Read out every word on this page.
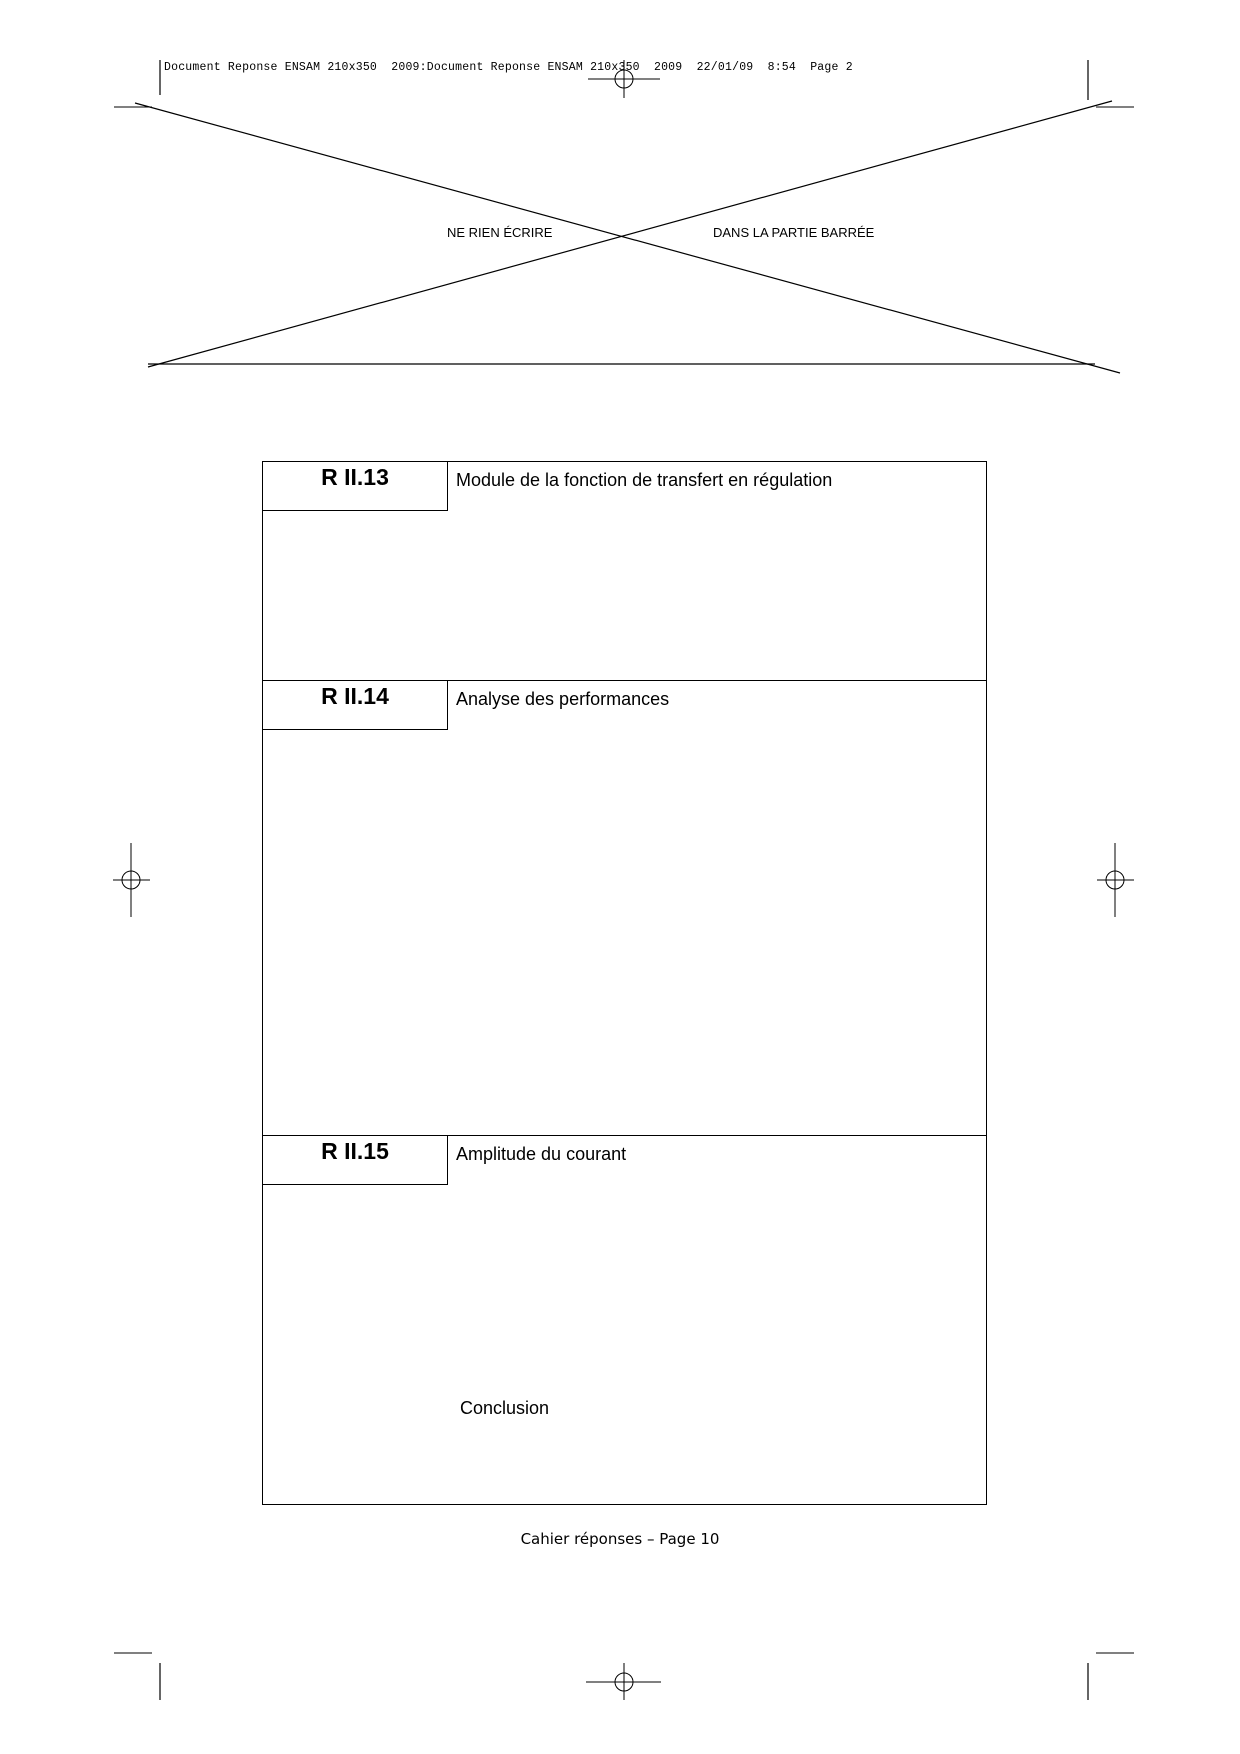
Document Reponse ENSAM 210x350  2009:Document Reponse ENSAM 210x350  2009  22/01/09  8:54  Page 2
NE RIEN ÉCRIRE	DANS LA PARTIE BARRÉE
R II.13	Module de la fonction de transfert en régulation
R II.14	Analyse des performances
R II.15	Amplitude du courant
Conclusion
Cahier réponses – Page 10
